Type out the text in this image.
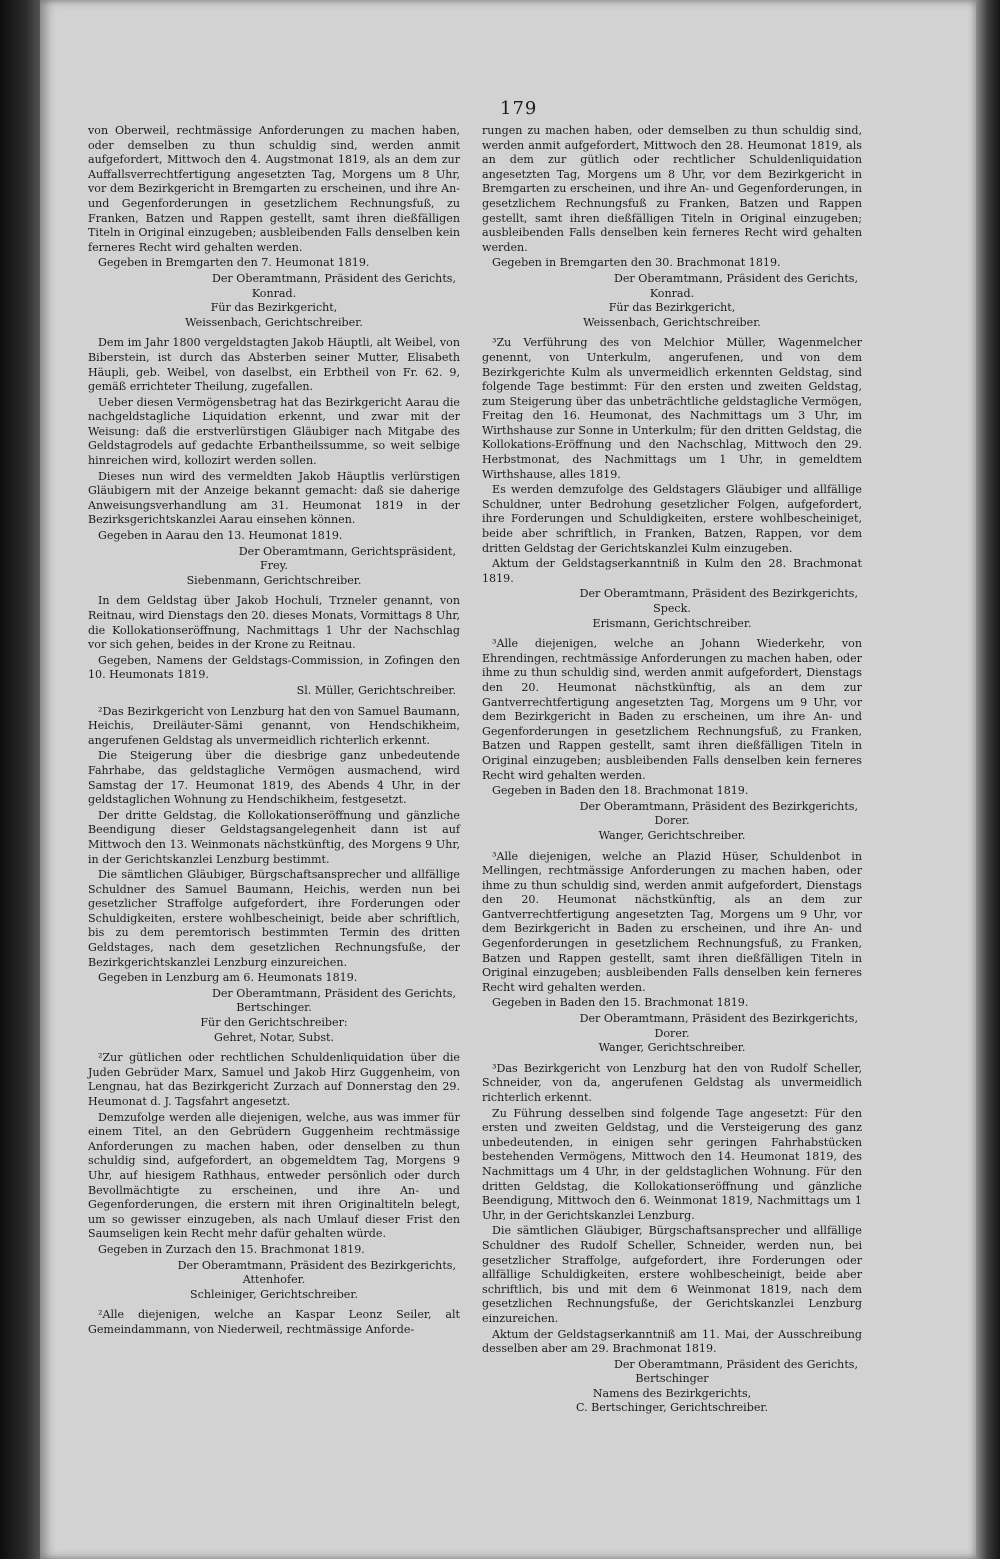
179

von Oberweil, rechtmässige Anforderungen zu machen haben, oder demselben zu thun schuldig sind, werden anmit aufgefordert, Mittwoch den 4. Augstmonat 1819, als an dem zur Auffallsverrechtfertigung angesetzten Tag, Morgens um 8 Uhr, vor dem Bezirkgericht in Bremgarten zu erscheinen, und ihre An- und Gegenforderungen in gesetzlichem Rechnungsfuß, zu Franken, Batzen und Rappen gestellt, samt ihren dießfälligen Titeln in Original einzugeben; ausbleibenden Falls denselben kein ferneres Recht wird gehalten werden.

Gegeben in Bremgarten den 7. Heumonat 1819.

Der Oberamtmann, Präsident des Gerichts,

Konrad.

Für das Bezirkgericht,

Weissenbach, Gerichtschreiber.

Dem im Jahr 1800 vergeldstagten Jakob Häuptli, alt Weibel, von Biberstein, ist durch das Absterben seiner Mutter, Elisabeth Häupli, geb. Weibel, von daselbst, ein Erbtheil von Fr. 62. 9, gemäß errichteter Theilung, zugefallen.

Ueber diesen Vermögensbetrag hat das Bezirkgericht Aarau die nachgeldstagliche Liquidation erkennt, und zwar mit der Weisung: daß die erstverlürstigen Gläubiger nach Mitgabe des Geldstagrodels auf gedachte Erbantheilssumme, so weit selbige hinreichen wird, kollozirt werden sollen.

Dieses nun wird des vermeldten Jakob Häuptlis verlürstigen Gläubigern mit der Anzeige bekannt gemacht: daß sie daherige Anweisungsverhandlung am 31. Heumonat 1819 in der Bezirksgerichtskanzlei Aarau einsehen können.

Gegeben in Aarau den 13. Heumonat 1819.

Der Oberamtmann, Gerichtspräsident,

Frey.

Siebenmann, Gerichtschreiber.

In dem Geldstag über Jakob Hochuli, Trzneler genannt, von Reitnau, wird Dienstags den 20. dieses Monats, Vormittags 8 Uhr, die Kollokationseröffnung, Nachmittags 1 Uhr der Nachschlag vor sich gehen, beides in der Krone zu Reitnau.

Gegeben, Namens der Geldstags-Commission, in Zofingen den 10. Heumonats 1819.

Sl. Müller, Gerichtschreiber.

²Das Bezirkgericht von Lenzburg hat den von Samuel Baumann, Heichis, Dreiläuter-Sämi genannt, von Hendschikheim, angerufenen Geldstag als unvermeidlich richterlich erkennt.

Die Steigerung über die diesbrige ganz unbedeutende Fahrhabe, das geldstagliche Vermögen ausmachend, wird Samstag der 17. Heumonat 1819, des Abends 4 Uhr, in der geldstaglichen Wohnung zu Hendschikheim, festgesetzt.

Der dritte Geldstag, die Kollokationseröffnung und gänzliche Beendigung dieser Geldstagsangelegenheit dann ist auf Mittwoch den 13. Weinmonats nächstkünftig, des Morgens 9 Uhr, in der Gerichtskanzlei Lenzburg bestimmt.

Die sämtlichen Gläubiger, Bürgschaftsansprecher und allfällige Schuldner des Samuel Baumann, Heichis, werden nun bei gesetzlicher Straffolge aufgefordert, ihre Forderungen oder Schuldigkeiten, erstere wohlbescheinigt, beide aber schriftlich, bis zu dem peremtorisch bestimmten Termin des dritten Geldstages, nach dem gesetzlichen Rechnungsfuße, der Bezirkgerichtskanzlei Lenzburg einzureichen.

Gegeben in Lenzburg am 6. Heumonats 1819.

Der Oberamtmann, Präsident des Gerichts,

Bertschinger.

Für den Gerichtschreiber:

Gehret, Notar, Subst.

²Zur gütlichen oder rechtlichen Schuldenliquidation über die Juden Gebrüder Marx, Samuel und Jakob Hirz Guggenheim, von Lengnau, hat das Bezirkgericht Zurzach auf Donnerstag den 29. Heumonat d. J. Tagsfahrt angesetzt.

Demzufolge werden alle diejenigen, welche, aus was immer für einem Titel, an den Gebrüdern Guggenheim rechtmässige Anforderungen zu machen haben, oder denselben zu thun schuldig sind, aufgefordert, an obgemeldtem Tag, Morgens 9 Uhr, auf hiesigem Rathhaus, entweder persönlich oder durch Bevollmächtigte zu erscheinen, und ihre An- und Gegenforderungen, die erstern mit ihren Originaltiteln belegt, um so gewisser einzugeben, als nach Umlauf dieser Frist den Saumseligen kein Recht mehr dafür gehalten würde.

Gegeben in Zurzach den 15. Brachmonat 1819.

Der Oberamtmann, Präsident des Bezirkgerichts,

Attenhofer.

Schleiniger, Gerichtschreiber.

²Alle diejenigen, welche an Kaspar Leonz Seiler, alt Gemeindammann, von Niederweil, rechtmässige Anforde-

rungen zu machen haben, oder demselben zu thun schuldig sind, werden anmit aufgefordert, Mittwoch den 28. Heumonat 1819, als an dem zur gütlich oder rechtlicher Schuldenliquidation angesetzten Tag, Morgens um 8 Uhr, vor dem Bezirkgericht in Bremgarten zu erscheinen, und ihre An- und Gegenforderungen, in gesetzlichem Rechnungsfuß zu Franken, Batzen und Rappen gestellt, samt ihren dießfälligen Titeln in Original einzugeben; ausbleibenden Falls denselben kein ferneres Recht wird gehalten werden.

Gegeben in Bremgarten den 30. Brachmonat 1819.

Der Oberamtmann, Präsident des Gerichts,

Konrad.

Für das Bezirkgericht,

Weissenbach, Gerichtschreiber.

³Zu Verführung des von Melchior Müller, Wagenmelcher genennt, von Unterkulm, angerufenen, und von dem Bezirkgerichte Kulm als unvermeidlich erkennten Geldstag, sind folgende Tage bestimmt: Für den ersten und zweiten Geldstag, zum Steigerung über das unbeträchtliche geldstagliche Vermögen, Freitag den 16. Heumonat, des Nachmittags um 3 Uhr, im Wirthshause zur Sonne in Unterkulm; für den dritten Geldstag, die Kollokations-Eröffnung und den Nachschlag, Mittwoch den 29. Herbstmonat, des Nachmittags um 1 Uhr, in gemeldtem Wirthshause, alles 1819.

Es werden demzufolge des Geldstagers Gläubiger und allfällige Schuldner, unter Bedrohung gesetzlicher Folgen, aufgefordert, ihre Forderungen und Schuldigkeiten, erstere wohlbescheiniget, beide aber schriftlich, in Franken, Batzen, Rappen, vor dem dritten Geldstag der Gerichtskanzlei Kulm einzugeben.

Aktum der Geldstagserkanntniß in Kulm den 28. Brachmonat 1819.

Der Oberamtmann, Präsident des Bezirkgerichts,

Speck.

Erismann, Gerichtschreiber.

³Alle diejenigen, welche an Johann Wiederkehr, von Ehrendingen, rechtmässige Anforderungen zu machen haben, oder ihme zu thun schuldig sind, werden anmit aufgefordert, Dienstags den 20. Heumonat nächstkünftig, als an dem zur Gantverrechtfertigung angesetzten Tag, Morgens um 9 Uhr, vor dem Bezirkgericht in Baden zu erscheinen, um ihre An- und Gegenforderungen in gesetzlichem Rechnungsfuß, zu Franken, Batzen und Rappen gestellt, samt ihren dießfälligen Titeln in Original einzugeben; ausbleibenden Falls denselben kein ferneres Recht wird gehalten werden.

Gegeben in Baden den 18. Brachmonat 1819.

Der Oberamtmann, Präsident des Bezirkgerichts,

Dorer.

Wanger, Gerichtschreiber.

³Alle diejenigen, welche an Plazid Hüser, Schuldenbot in Mellingen, rechtmässige Anforderungen zu machen haben, oder ihme zu thun schuldig sind, werden anmit aufgefordert, Dienstags den 20. Heumonat nächstkünftig, als an dem zur Gantverrechtfertigung angesetzten Tag, Morgens um 9 Uhr, vor dem Bezirkgericht in Baden zu erscheinen, und ihre An- und Gegenforderungen in gesetzlichem Rechnungsfuß, zu Franken, Batzen und Rappen gestellt, samt ihren dießfälligen Titeln in Original einzugeben; ausbleibenden Falls denselben kein ferneres Recht wird gehalten werden.

Gegeben in Baden den 15. Brachmonat 1819.

Der Oberamtmann, Präsident des Bezirkgerichts,

Dorer.

Wanger, Gerichtschreiber.

³Das Bezirkgericht von Lenzburg hat den von Rudolf Scheller, Schneider, von da, angerufenen Geldstag als unvermeidlich richterlich erkennt.

Zu Führung desselben sind folgende Tage angesetzt: Für den ersten und zweiten Geldstag, und die Versteigerung des ganz unbedeutenden, in einigen sehr geringen Fahrhabstücken bestehenden Vermögens, Mittwoch den 14. Heumonat 1819, des Nachmittags um 4 Uhr, in der geldstaglichen Wohnung. Für den dritten Geldstag, die Kollokationseröffnung und gänzliche Beendigung, Mittwoch den 6. Weinmonat 1819, Nachmittags um 1 Uhr, in der Gerichtskanzlei Lenzburg.

Die sämtlichen Gläubiger, Bürgschaftsansprecher und allfällige Schuldner des Rudolf Scheller, Schneider, werden nun, bei gesetzlicher Straffolge, aufgefordert, ihre Forderungen oder allfällige Schuldigkeiten, erstere wohlbescheinigt, beide aber schriftlich, bis und mit dem 6 Weinmonat 1819, nach dem gesetzlichen Rechnungsfuße, der Gerichtskanzlei Lenzburg einzureichen.

Aktum der Geldstagserkanntniß am 11. Mai, der Ausschreibung desselben aber am 29. Brachmonat 1819.

Der Oberamtmann, Präsident des Gerichts,

Bertschinger

Namens des Bezirkgerichts,

C. Bertschinger, Gerichtschreiber.
